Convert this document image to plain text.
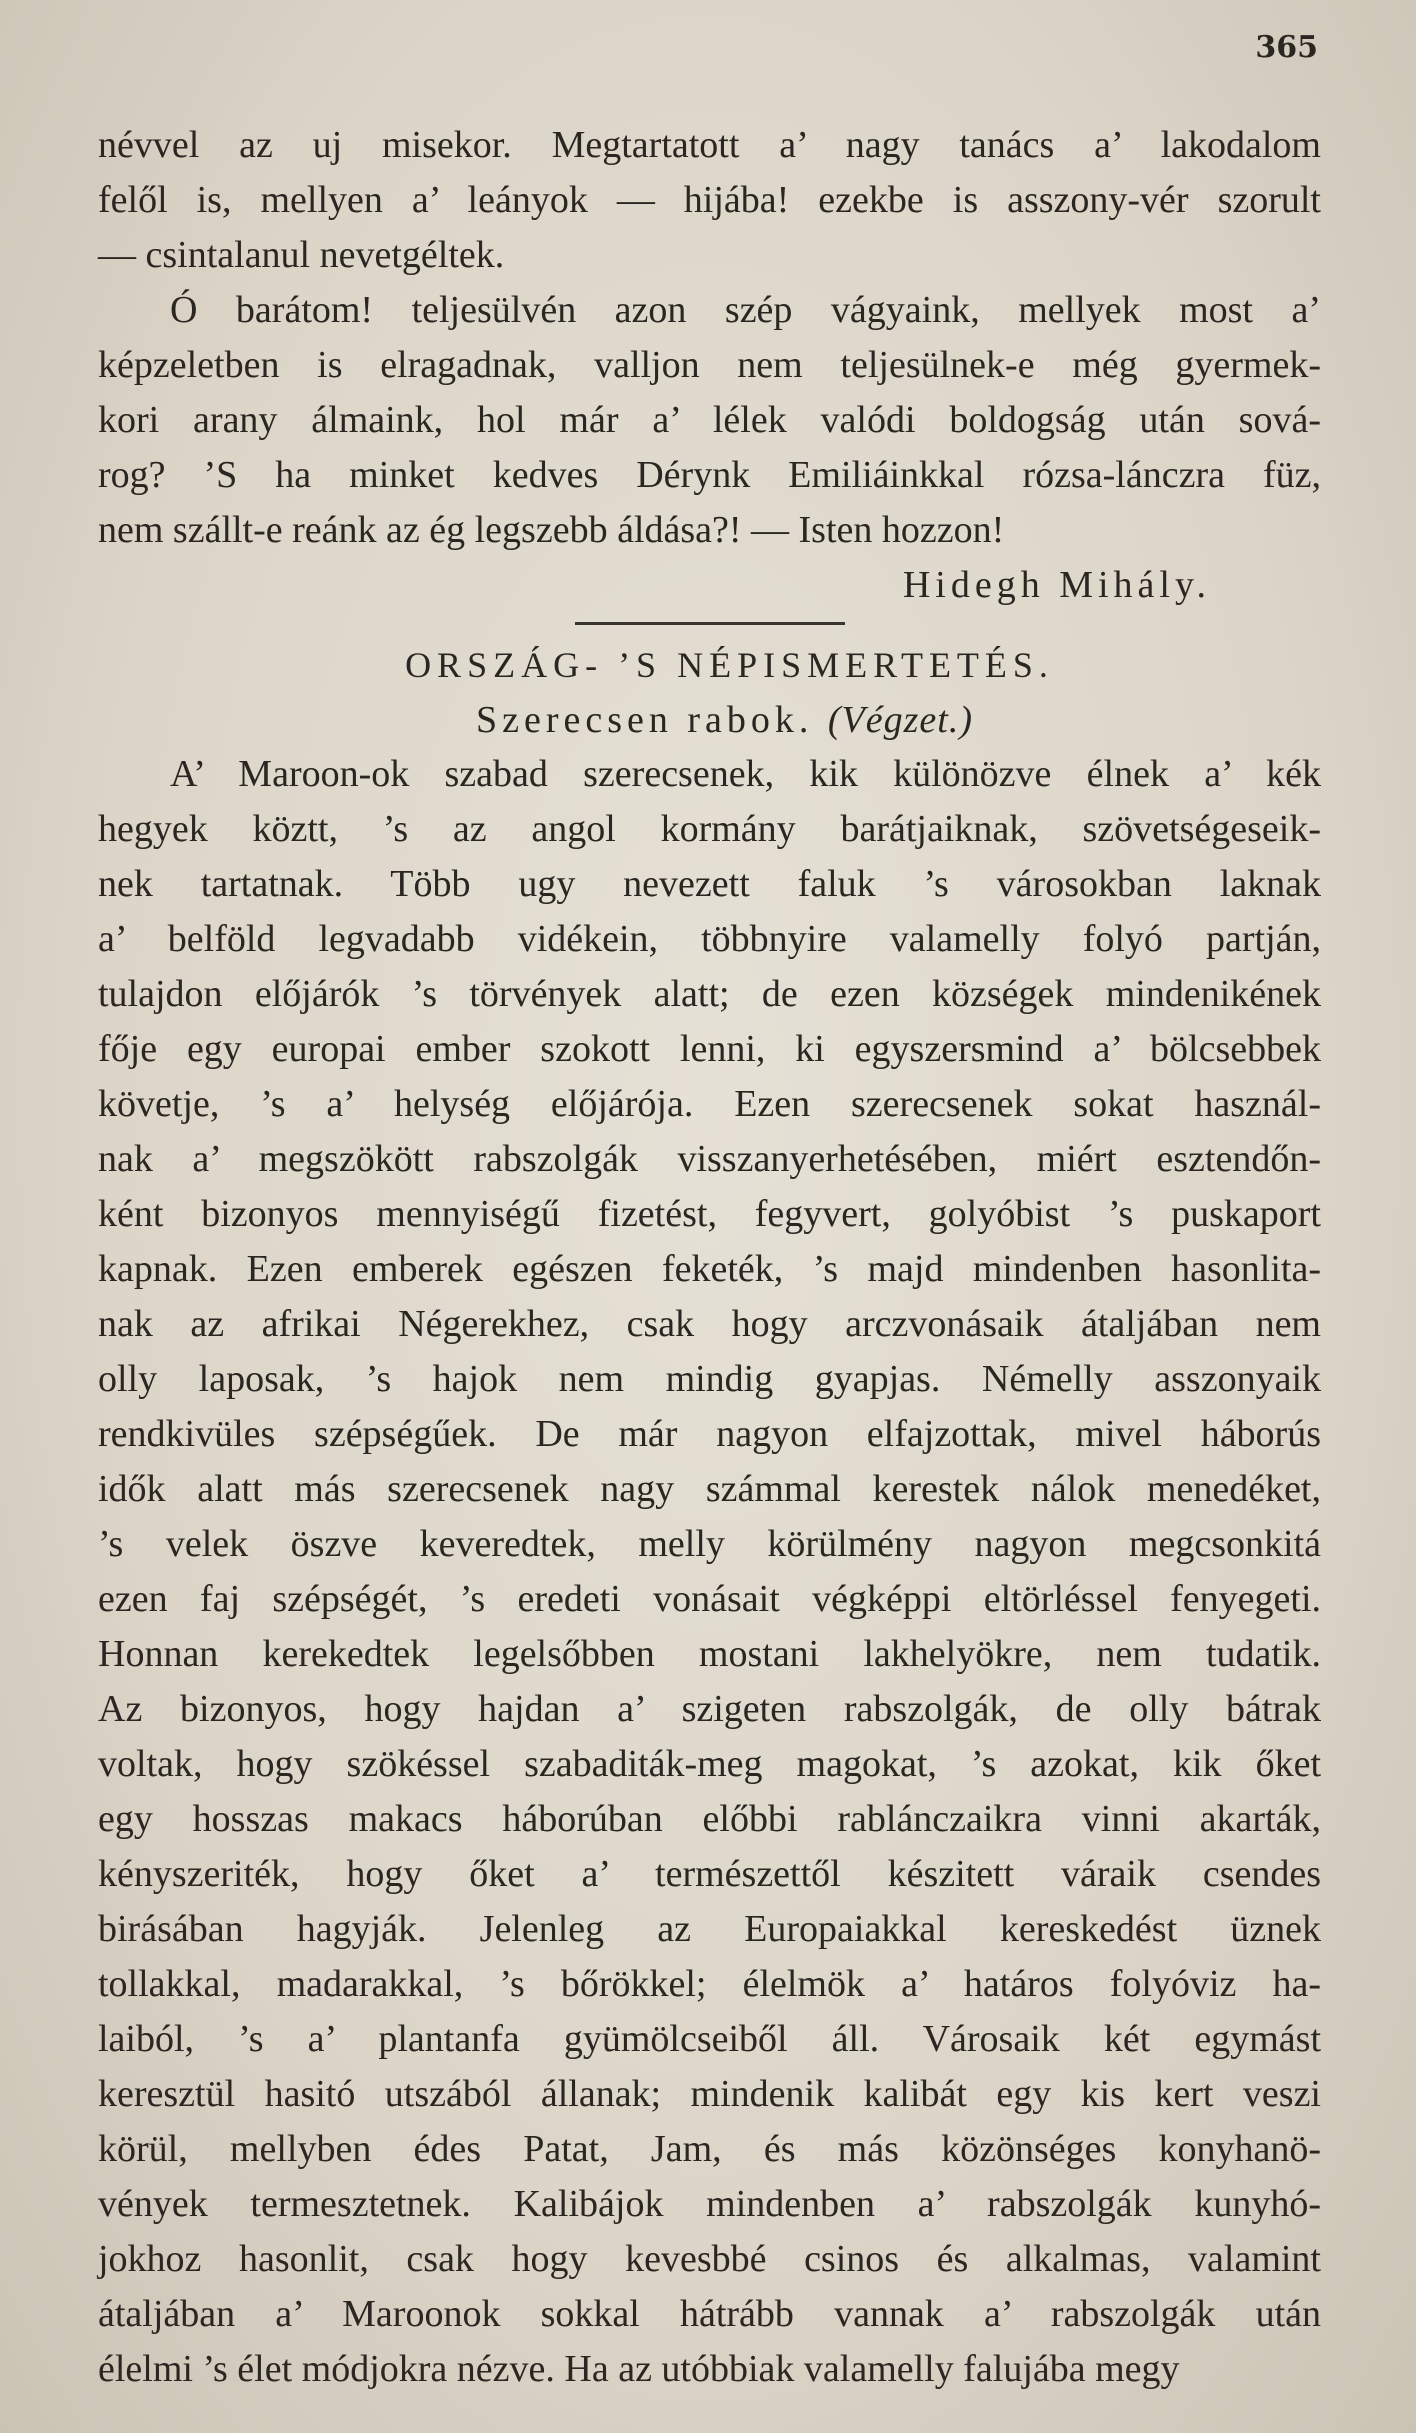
365
névvel az uj misekor. Megtartatott a’ nagy tanács a’ lakodalom
felől is, mellyen a’ leányok — hijába! ezekbe is asszony-vér szorult
— csintalanul nevetgéltek.
Ó barátom! teljesülvén azon szép vágyaink, mellyek most a’
képzeletben is elragadnak, valljon nem teljesülnek-e még gyermek-
kori arany álmaink, hol már a’ lélek valódi boldogság után sová-
rog? ’S ha minket kedves Dérynk Emiliáinkkal rózsa-lánczra füz,
nem szállt-e reánk az ég legszebb áldása?! — Isten hozzon!
Hidegh Mihály.
ORSZÁG- ’S NÉPISMERTETÉS.
Szerecsen rabok. (Végzet.)
A’ Maroon-ok szabad szerecsenek, kik különözve élnek a’ kék
hegyek köztt, ’s az angol kormány barátjaiknak, szövetségeseik-
nek tartatnak. Több ugy nevezett faluk ’s városokban laknak
a’ belföld legvadabb vidékein, többnyire valamelly folyó partján,
tulajdon előjárók ’s törvények alatt; de ezen községek mindenikének
fője egy europai ember szokott lenni, ki egyszersmind a’ bölcsebbek
követje, ’s a’ helység előjárója. Ezen szerecsenek sokat használ-
nak a’ megszökött rabszolgák visszanyerhetésében, miért esztendőn-
ként bizonyos mennyiségű fizetést, fegyvert, golyóbist ’s puskaport
kapnak. Ezen emberek egészen feketék, ’s majd mindenben hasonlita-
nak az afrikai Négerekhez, csak hogy arczvonásaik átaljában nem
olly laposak, ’s hajok nem mindig gyapjas. Némelly asszonyaik
rendkivüles szépségűek. De már nagyon elfajzottak, mivel háborús
idők alatt más szerecsenek nagy számmal kerestek nálok menedéket,
’s velek öszve keveredtek, melly körülmény nagyon megcsonkitá
ezen faj szépségét, ’s eredeti vonásait végképpi eltörléssel fenyegeti.
Honnan kerekedtek legelsőbben mostani lakhelyökre, nem tudatik.
Az bizonyos, hogy hajdan a’ szigeten rabszolgák, de olly bátrak
voltak, hogy szökéssel szabaditák-meg magokat, ’s azokat, kik őket
egy hosszas makacs háborúban előbbi rablánczaikra vinni akarták,
kényszeriték, hogy őket a’ természettől készitett váraik csendes
birásában hagyják. Jelenleg az Europaiakkal kereskedést üznek
tollakkal, madarakkal, ’s bőrökkel; élelmök a’ határos folyóviz ha-
laiból, ’s a’ plantanfa gyümölcseiből áll. Városaik két egymást
keresztül hasitó utszából állanak; mindenik kalibát egy kis kert veszi
körül, mellyben édes Patat, Jam, és más közönséges konyhanö-
vények termesztetnek. Kalibájok mindenben a’ rabszolgák kunyhó-
jokhoz hasonlit, csak hogy kevesbbé csinos és alkalmas, valamint
átaljában a’ Maroonok sokkal hátrább vannak a’ rabszolgák után
élelmi ’s élet módjokra nézve. Ha az utóbbiak valamelly falujába megy
